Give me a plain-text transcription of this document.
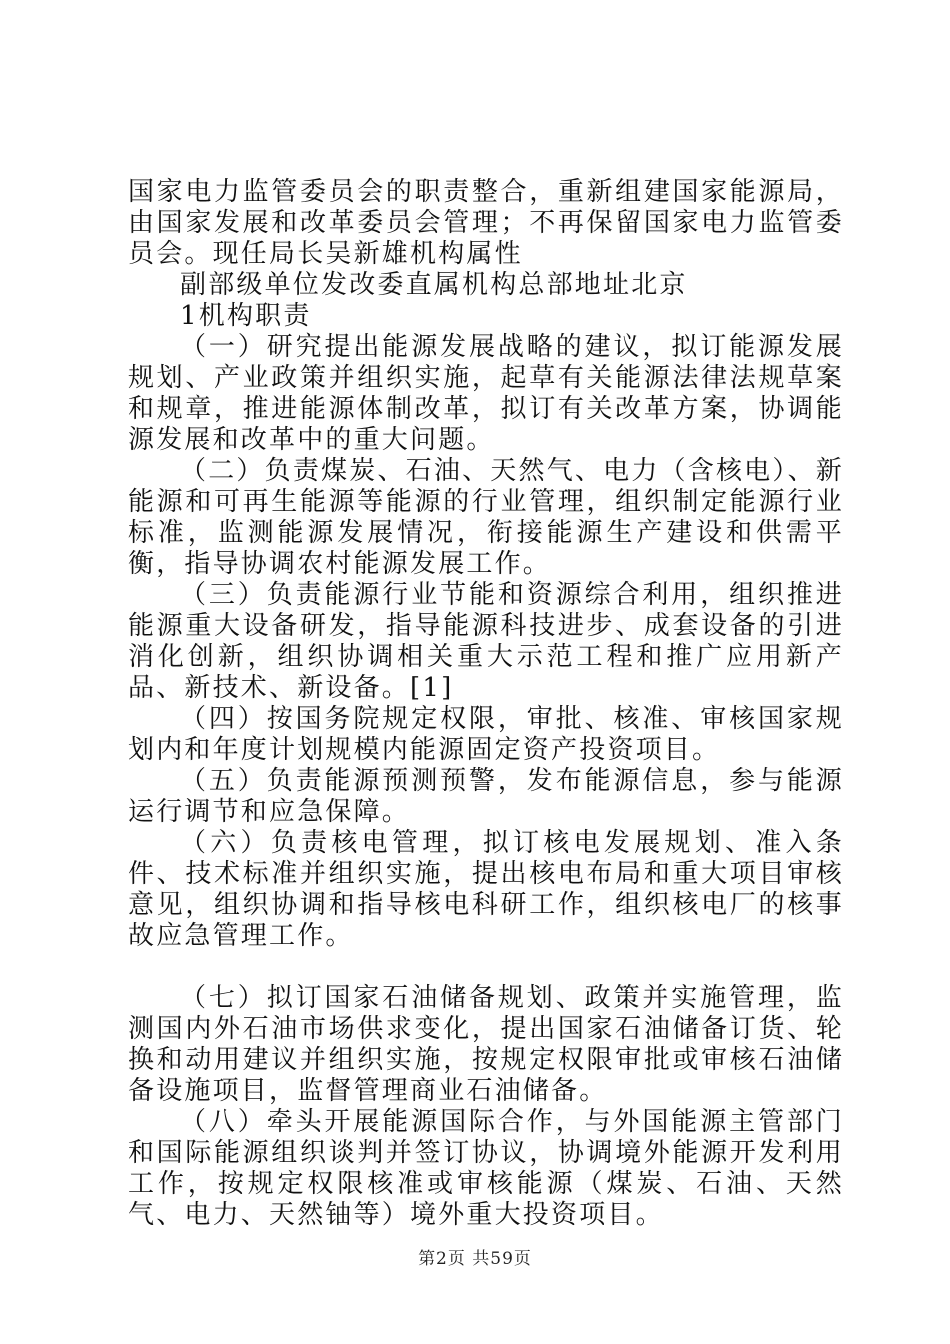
国家电力监管委员会的职责整合，重新组建国家能源局，由国家发展和改革委员会管理；不再保留国家电力监管委员会。现任局长吴新雄机构属性

副部级单位发改委直属机构总部地址北京

1机构职责

（一）研究提出能源发展战略的建议，拟订能源发展规划、产业政策并组织实施，起草有关能源法律法规草案和规章，推进能源体制改革，拟订有关改革方案，协调能源发展和改革中的重大问题。

（二）负责煤炭、石油、天然气、电力（含核电）、新能源和可再生能源等能源的行业管理，组织制定能源行业标准，监测能源发展情况，衔接能源生产建设和供需平衡，指导协调农村能源发展工作。

（三）负责能源行业节能和资源综合利用，组织推进能源重大设备研发，指导能源科技进步、成套设备的引进消化创新，组织协调相关重大示范工程和推广应用新产品、新技术、新设备。[1]

（四）按国务院规定权限，审批、核准、审核国家规划内和年度计划规模内能源固定资产投资项目。

（五）负责能源预测预警，发布能源信息，参与能源运行调节和应急保障。

（六）负责核电管理，拟订核电发展规划、准入条件、技术标准并组织实施，提出核电布局和重大项目审核意见，组织协调和指导核电科研工作，组织核电厂的核事故应急管理工作。

（七）拟订国家石油储备规划、政策并实施管理，监测国内外石油市场供求变化，提出国家石油储备订货、轮换和动用建议并组织实施，按规定权限审批或审核石油储备设施项目，监督管理商业石油储备。

（八）牵头开展能源国际合作，与外国能源主管部门和国际能源组织谈判并签订协议，协调境外能源开发利用工作，按规定权限核准或审核能源（煤炭、石油、天然气、电力、天然铀等）境外重大投资项目。

第2页 共59页
